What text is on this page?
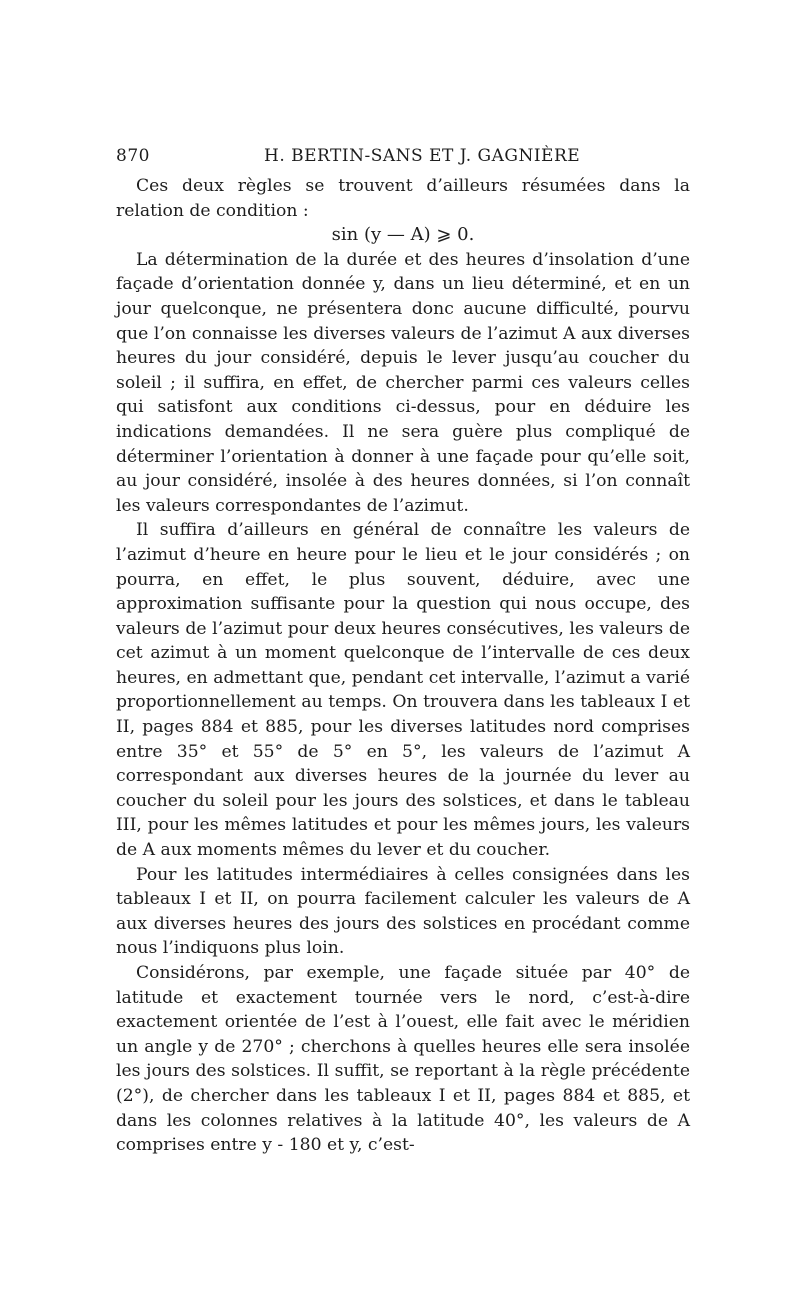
870	H. BERTIN-SANS ET J. GAGNIÈRE

Ces deux règles se trouvent d’ailleurs résumées dans la relation de condition :

sin (y — A) ⩾ 0.

La détermination de la durée et des heures d’insolation d’une façade d’orientation donnée y, dans un lieu déterminé, et en un jour quelconque, ne présentera donc aucune difficulté, pourvu que l’on connaisse les diverses valeurs de l’azimut A aux diverses heures du jour considéré, depuis le lever jusqu’au coucher du soleil ; il suffira, en effet, de chercher parmi ces valeurs celles qui satisfont aux conditions ci-dessus, pour en déduire les indications demandées. Il ne sera guère plus compliqué de déterminer l’orientation à donner à une façade pour qu’elle soit, au jour considéré, insolée à des heures données, si l’on connaît les valeurs correspondantes de l’azimut.

Il suffira d’ailleurs en général de connaître les valeurs de l’azimut d’heure en heure pour le lieu et le jour considérés ; on pourra, en effet, le plus souvent, déduire, avec une approximation suffisante pour la question qui nous occupe, des valeurs de l’azimut pour deux heures consécutives, les valeurs de cet azimut à un moment quelconque de l’intervalle de ces deux heures, en admettant que, pendant cet intervalle, l’azimut a varié proportionnellement au temps. On trouvera dans les tableaux I et II, pages 884 et 885, pour les diverses latitudes nord comprises entre 35° et 55° de 5° en 5°, les valeurs de l’azimut A correspondant aux diverses heures de la journée du lever au coucher du soleil pour les jours des solstices, et dans le tableau III, pour les mêmes latitudes et pour les mêmes jours, les valeurs de A aux moments mêmes du lever et du coucher.

Pour les latitudes intermédiaires à celles consignées dans les tableaux I et II, on pourra facilement calculer les valeurs de A aux diverses heures des jours des solstices en procédant comme nous l’indiquons plus loin.

Considérons, par exemple, une façade située par 40° de latitude et exactement tournée vers le nord, c’est-à-dire exactement orientée de l’est à l’ouest, elle fait avec le méridien un angle y de 270° ; cherchons à quelles heures elle sera insolée les jours des solstices. Il suffit, se reportant à la règle précédente (2°), de chercher dans les tableaux I et II, pages 884 et 885, et dans les colonnes relatives à la latitude 40°, les valeurs de A comprises entre y - 180 et y, c’est-
